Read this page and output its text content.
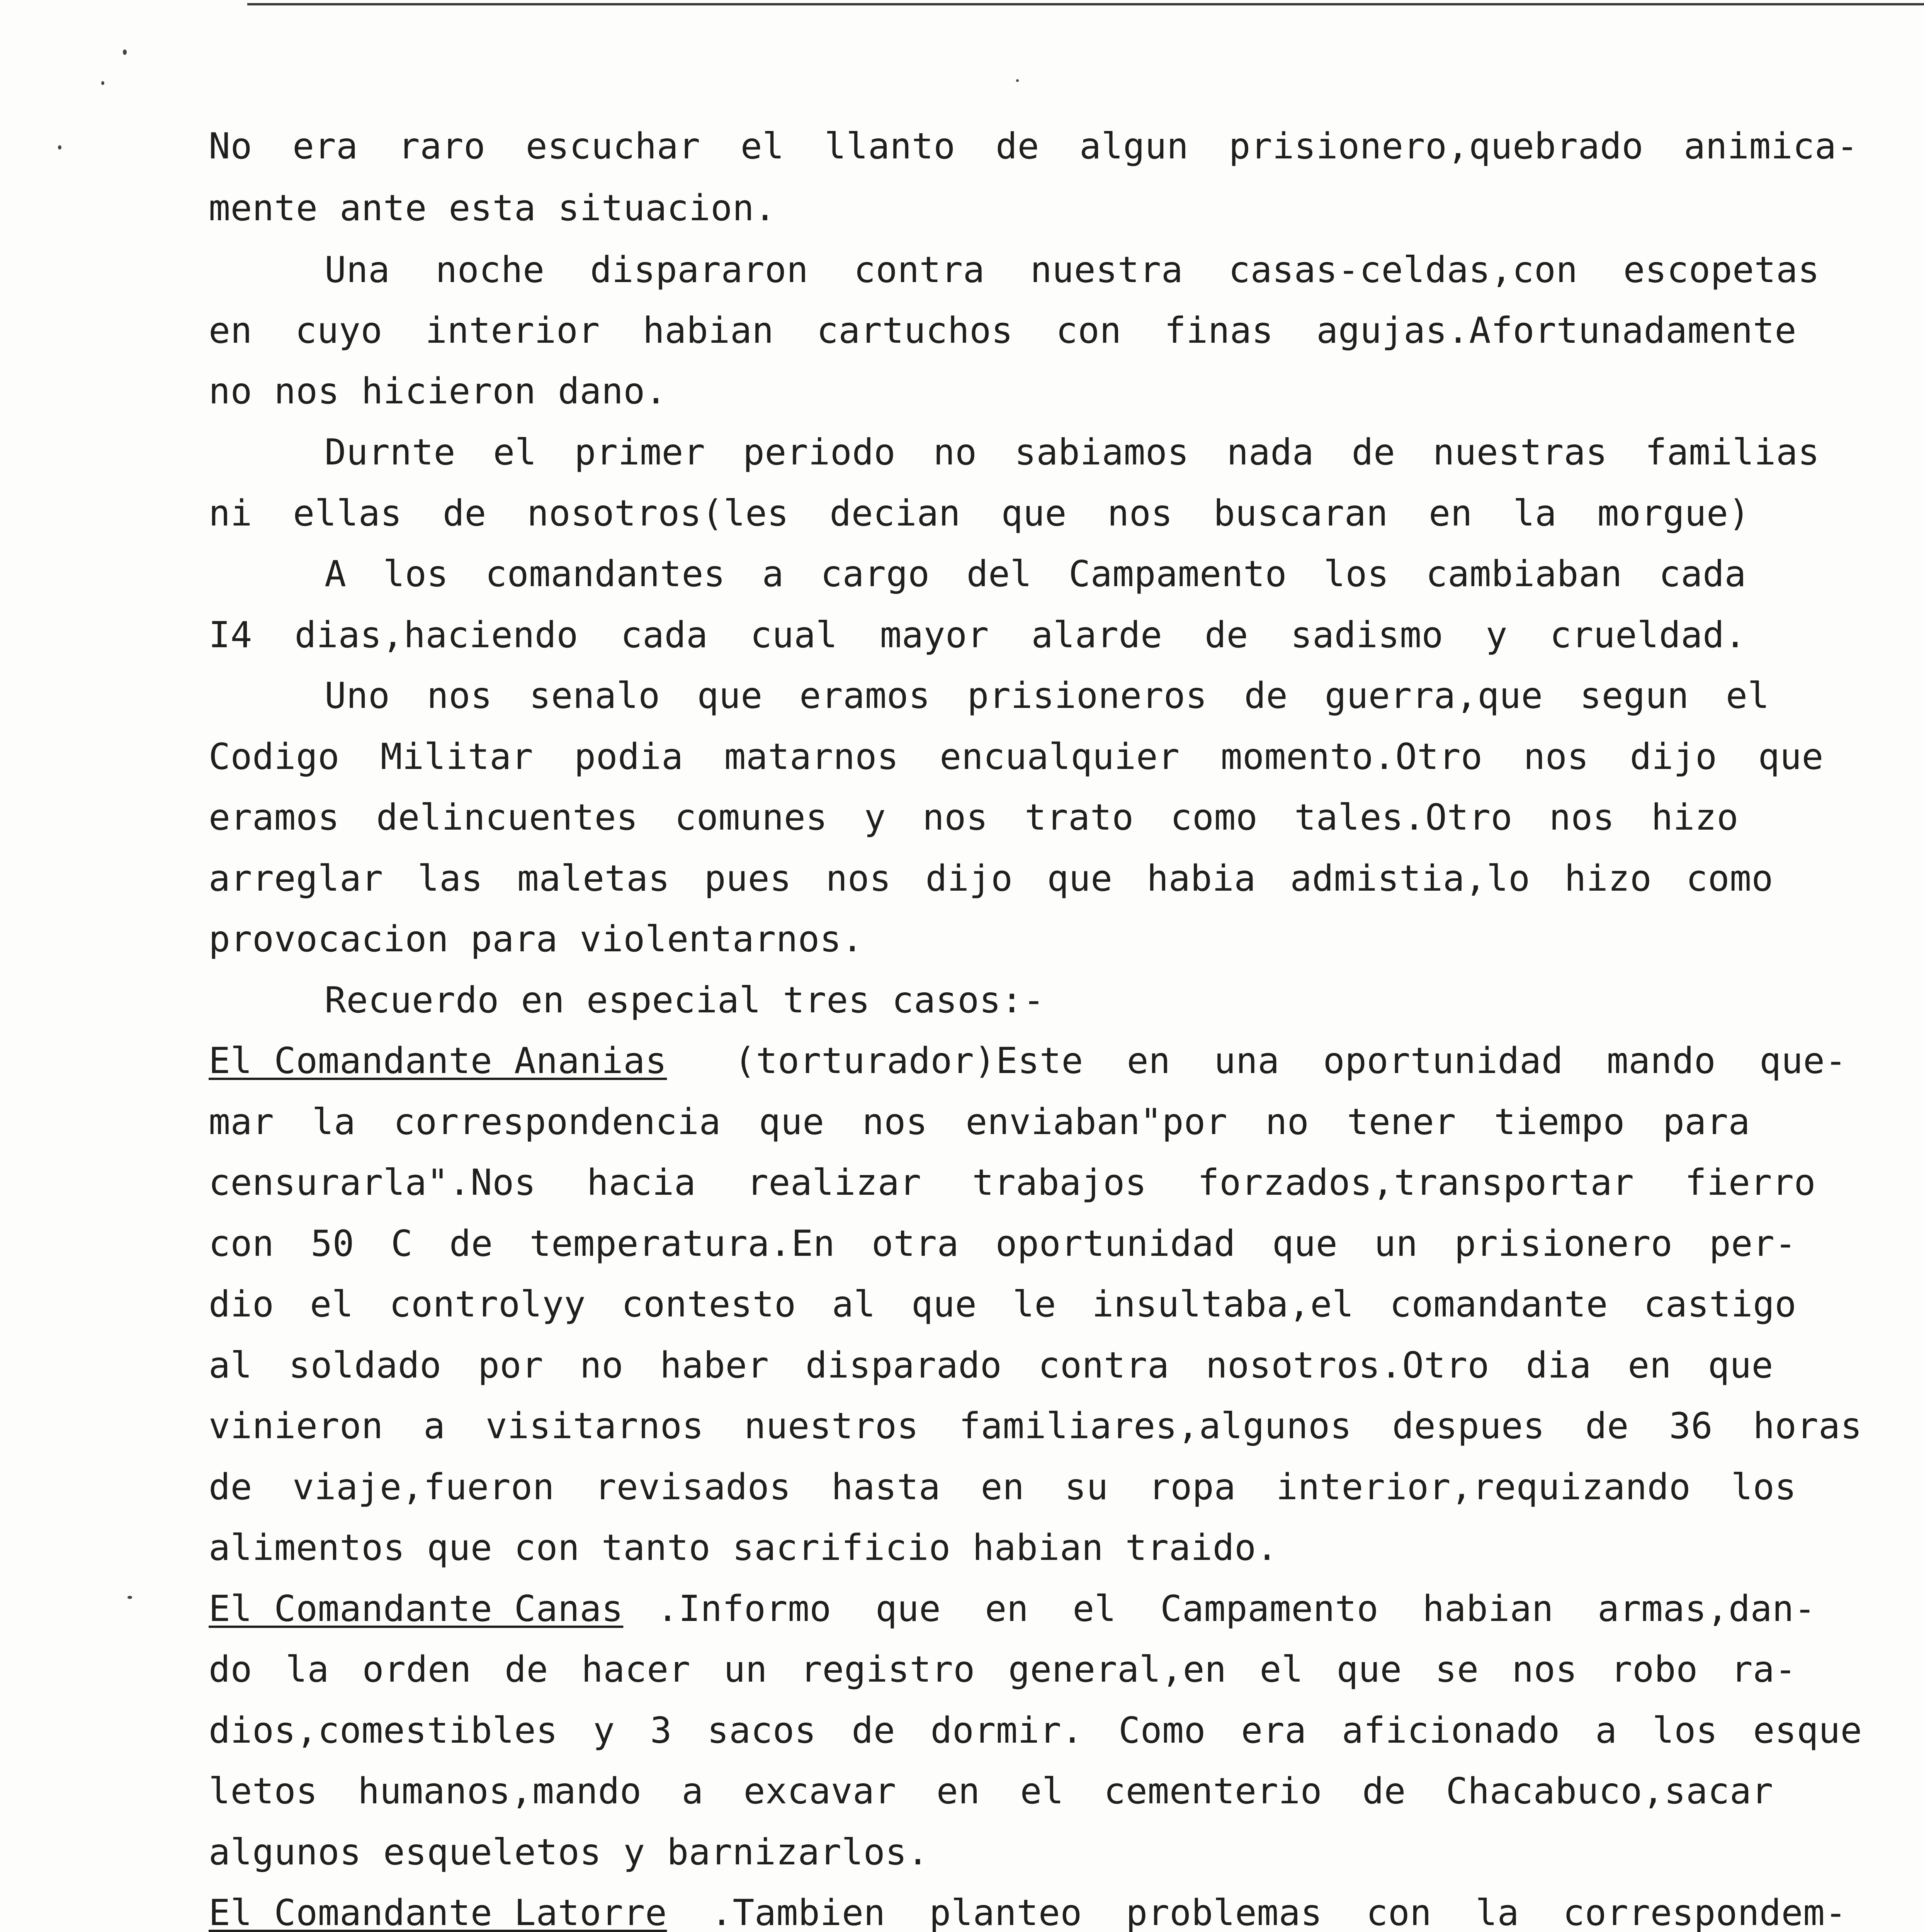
No era raro escuchar el llanto de algun prisionero,quebrado animica-

mente ante esta situacion.

Una noche dispararon contra nuestra casas-celdas,con escopetas

en cuyo interior habian cartuchos con finas agujas.Afortunadamente

no nos hicieron dano.

Durnte el primer periodo no sabiamos nada de nuestras familias

ni ellas de nosotros(les decian que nos buscaran en la morgue)

A los comandantes a cargo del Campamento los cambiaban cada

I4 dias,haciendo cada cual mayor alarde de sadismo y crueldad.

Uno nos senalo que eramos prisioneros de guerra,que segun el

Codigo Militar podia matarnos encualquier momento.Otro nos dijo que

eramos delincuentes comunes y nos trato como tales.Otro nos hizo

arreglar las maletas pues nos dijo que habia admistia,lo hizo como

provocacion para violentarnos.

Recuerdo en especial tres casos:-

El Comandante Ananias (torturador)Este en una oportunidad mando que-

mar la correspondencia que nos enviaban"por no tener tiempo para

censurarla".Nos hacia realizar trabajos forzados,transportar fierro

con 50 C de temperatura.En otra oportunidad que un prisionero per-

dio el controlyy contesto al que le insultaba,el comandante castigo

al soldado por no haber disparado contra nosotros.Otro dia en que

vinieron a visitarnos nuestros familiares,algunos despues de 36 horas

de viaje,fueron revisados hasta en su ropa interior,requizando los

alimentos que con tanto sacrificio habian traido.

El Comandante Canas .Informo que en el Campamento habian armas,dan-

do la orden de hacer un registro general,en el que se nos robo ra-

dios,comestibles y 3 sacos de dormir. Como era aficionado a los esque

letos humanos,mando a excavar en el cementerio de Chacabuco,sacar

algunos esqueletos y barnizarlos.

El Comandante Latorre .Tambien planteo problemas con la correspondem-
